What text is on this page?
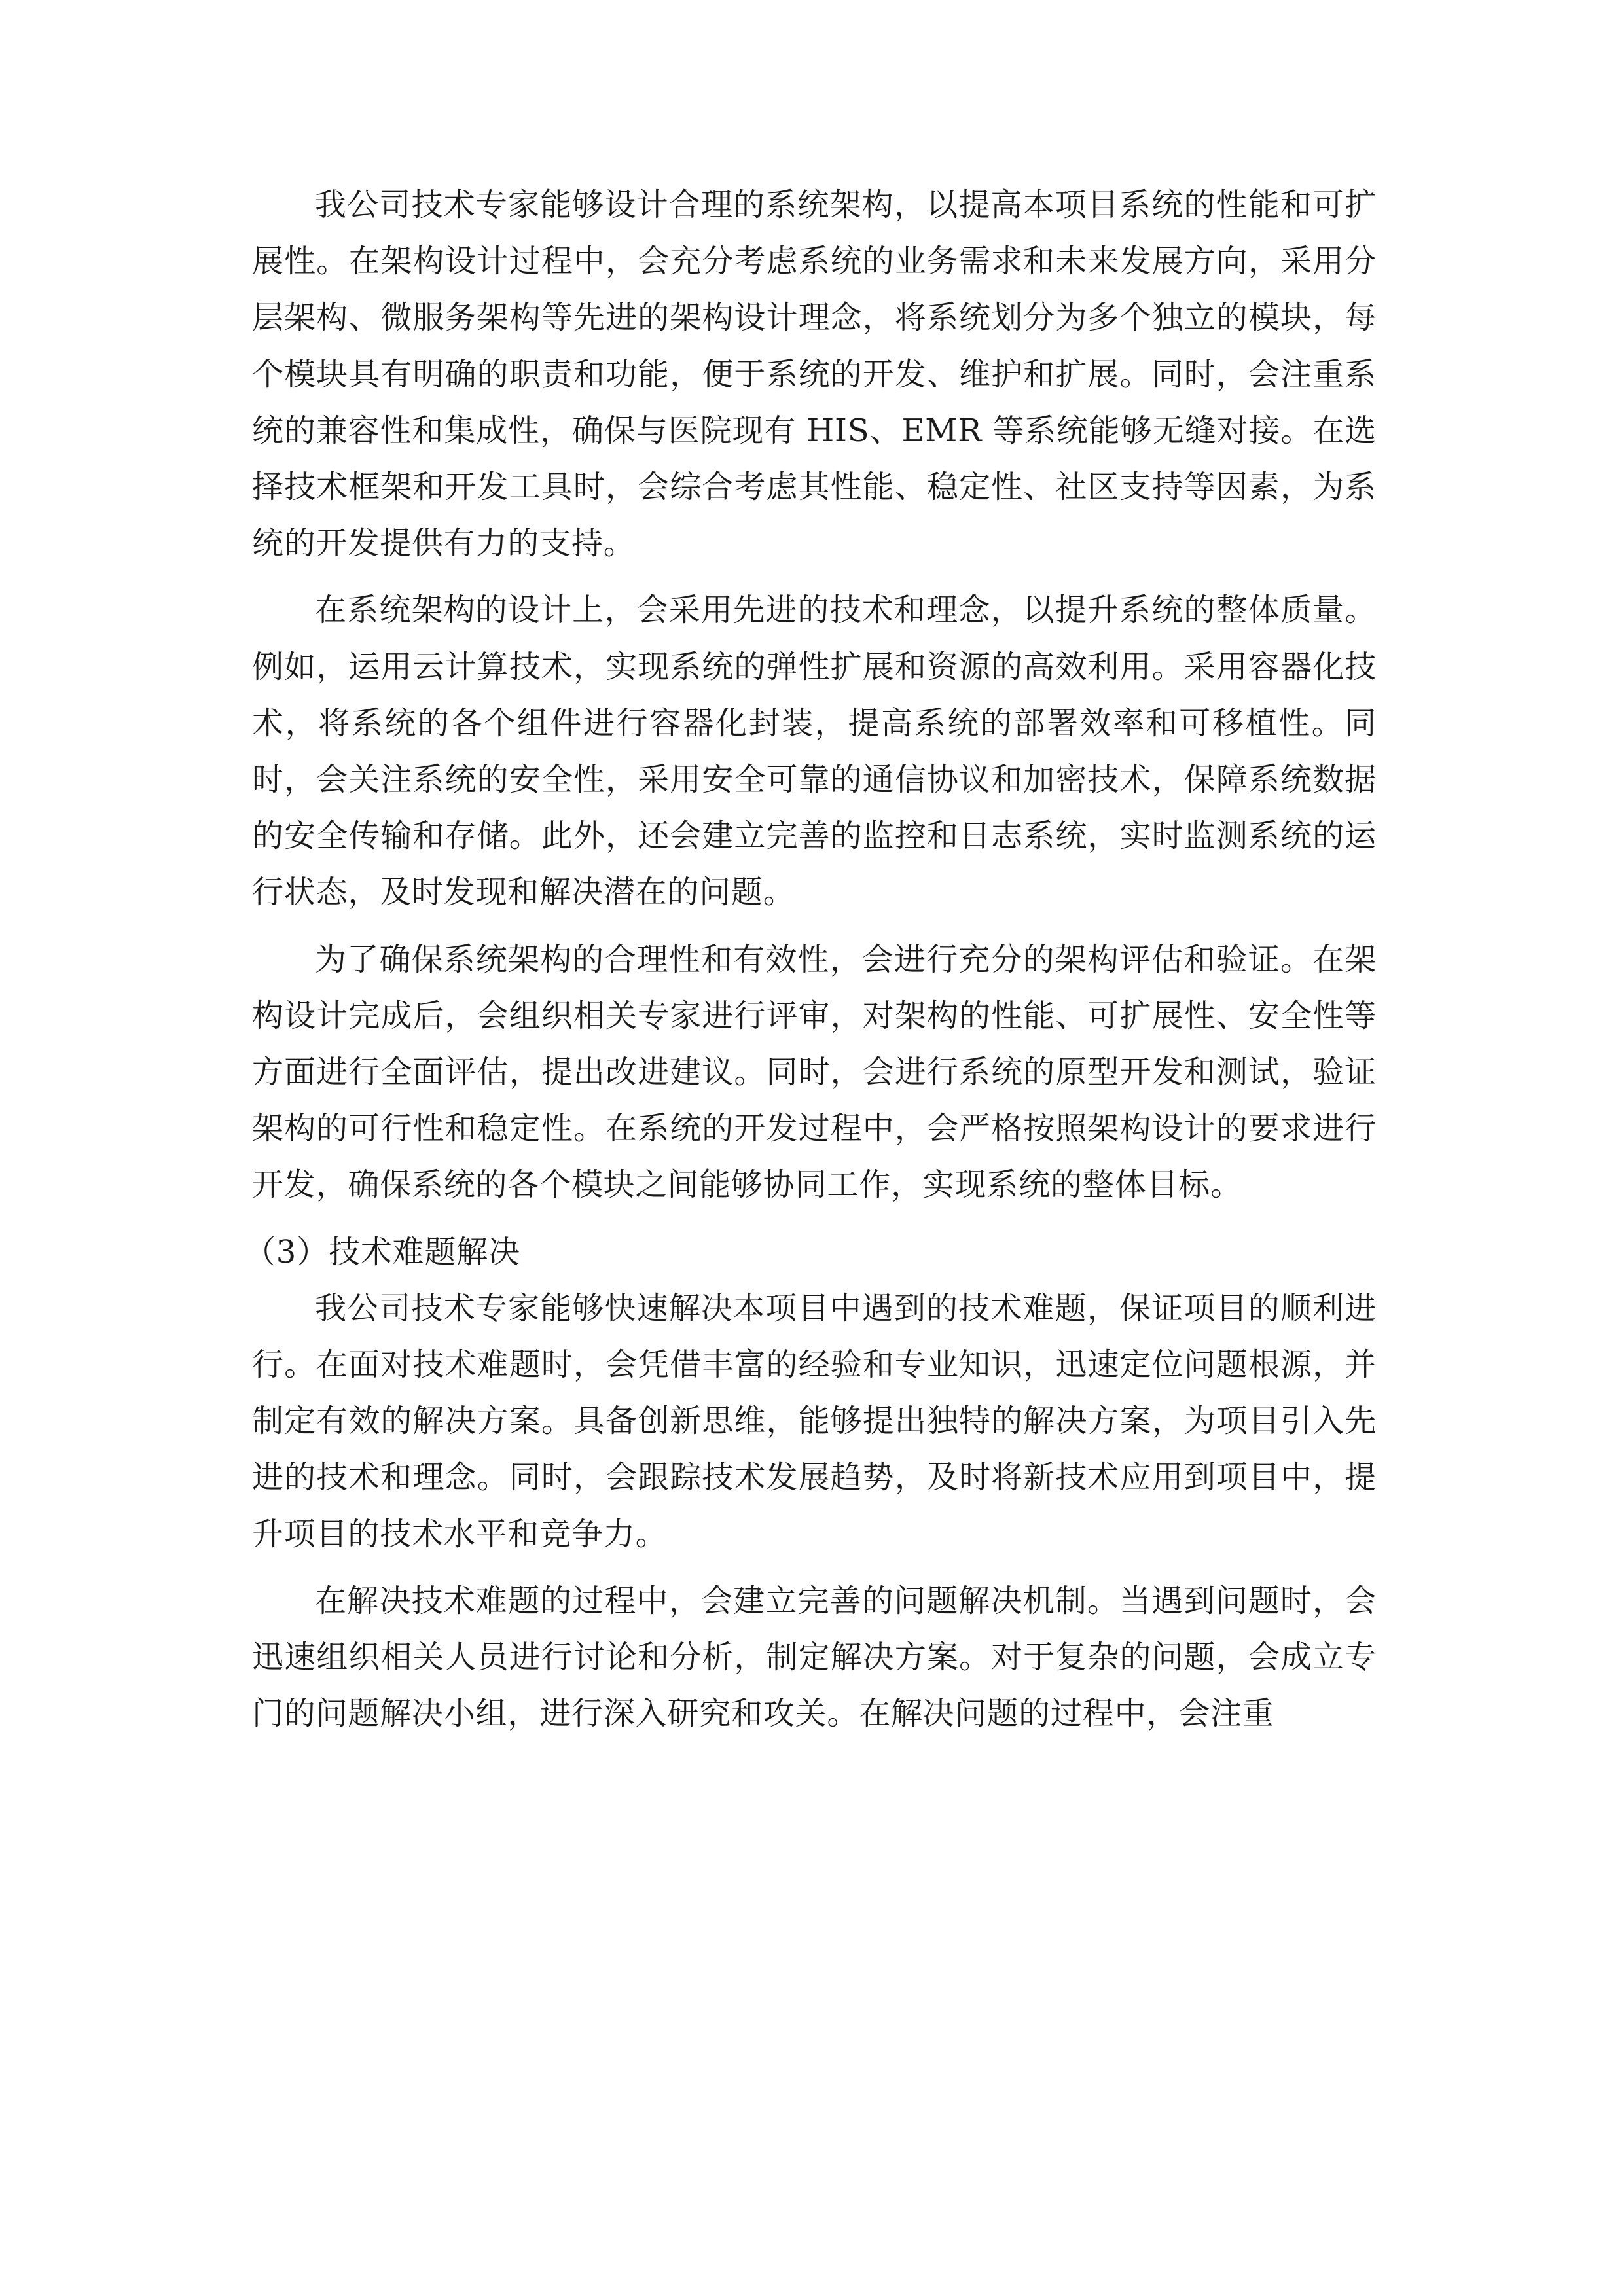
我公司技术专家能够设计合理的系统架构，以提高本项目系统的性能和可扩展性。在架构设计过程中，会充分考虑系统的业务需求和未来发展方向，采用分层架构、微服务架构等先进的架构设计理念，将系统划分为多个独立的模块，每个模块具有明确的职责和功能，便于系统的开发、维护和扩展。同时，会注重系统的兼容性和集成性，确保与医院现有 HIS、EMR 等系统能够无缝对接。在选择技术框架和开发工具时，会综合考虑其性能、稳定性、社区支持等因素，为系统的开发提供有力的支持。

在系统架构的设计上，会采用先进的技术和理念，以提升系统的整体质量。例如，运用云计算技术，实现系统的弹性扩展和资源的高效利用。采用容器化技术，将系统的各个组件进行容器化封装，提高系统的部署效率和可移植性。同时，会关注系统的安全性，采用安全可靠的通信协议和加密技术，保障系统数据的安全传输和存储。此外，还会建立完善的监控和日志系统，实时监测系统的运行状态，及时发现和解决潜在的问题。

为了确保系统架构的合理性和有效性，会进行充分的架构评估和验证。在架构设计完成后，会组织相关专家进行评审，对架构的性能、可扩展性、安全性等方面进行全面评估，提出改进建议。同时，会进行系统的原型开发和测试，验证架构的可行性和稳定性。在系统的开发过程中，会严格按照架构设计的要求进行开发，确保系统的各个模块之间能够协同工作，实现系统的整体目标。

（3）技术难题解决

我公司技术专家能够快速解决本项目中遇到的技术难题，保证项目的顺利进行。在面对技术难题时，会凭借丰富的经验和专业知识，迅速定位问题根源，并制定有效的解决方案。具备创新思维，能够提出独特的解决方案，为项目引入先进的技术和理念。同时，会跟踪技术发展趋势，及时将新技术应用到项目中，提升项目的技术水平和竞争力。

在解决技术难题的过程中，会建立完善的问题解决机制。当遇到问题时，会迅速组织相关人员进行讨论和分析，制定解决方案。对于复杂的问题，会成立专门的问题解决小组，进行深入研究和攻关。在解决问题的过程中，会注重
